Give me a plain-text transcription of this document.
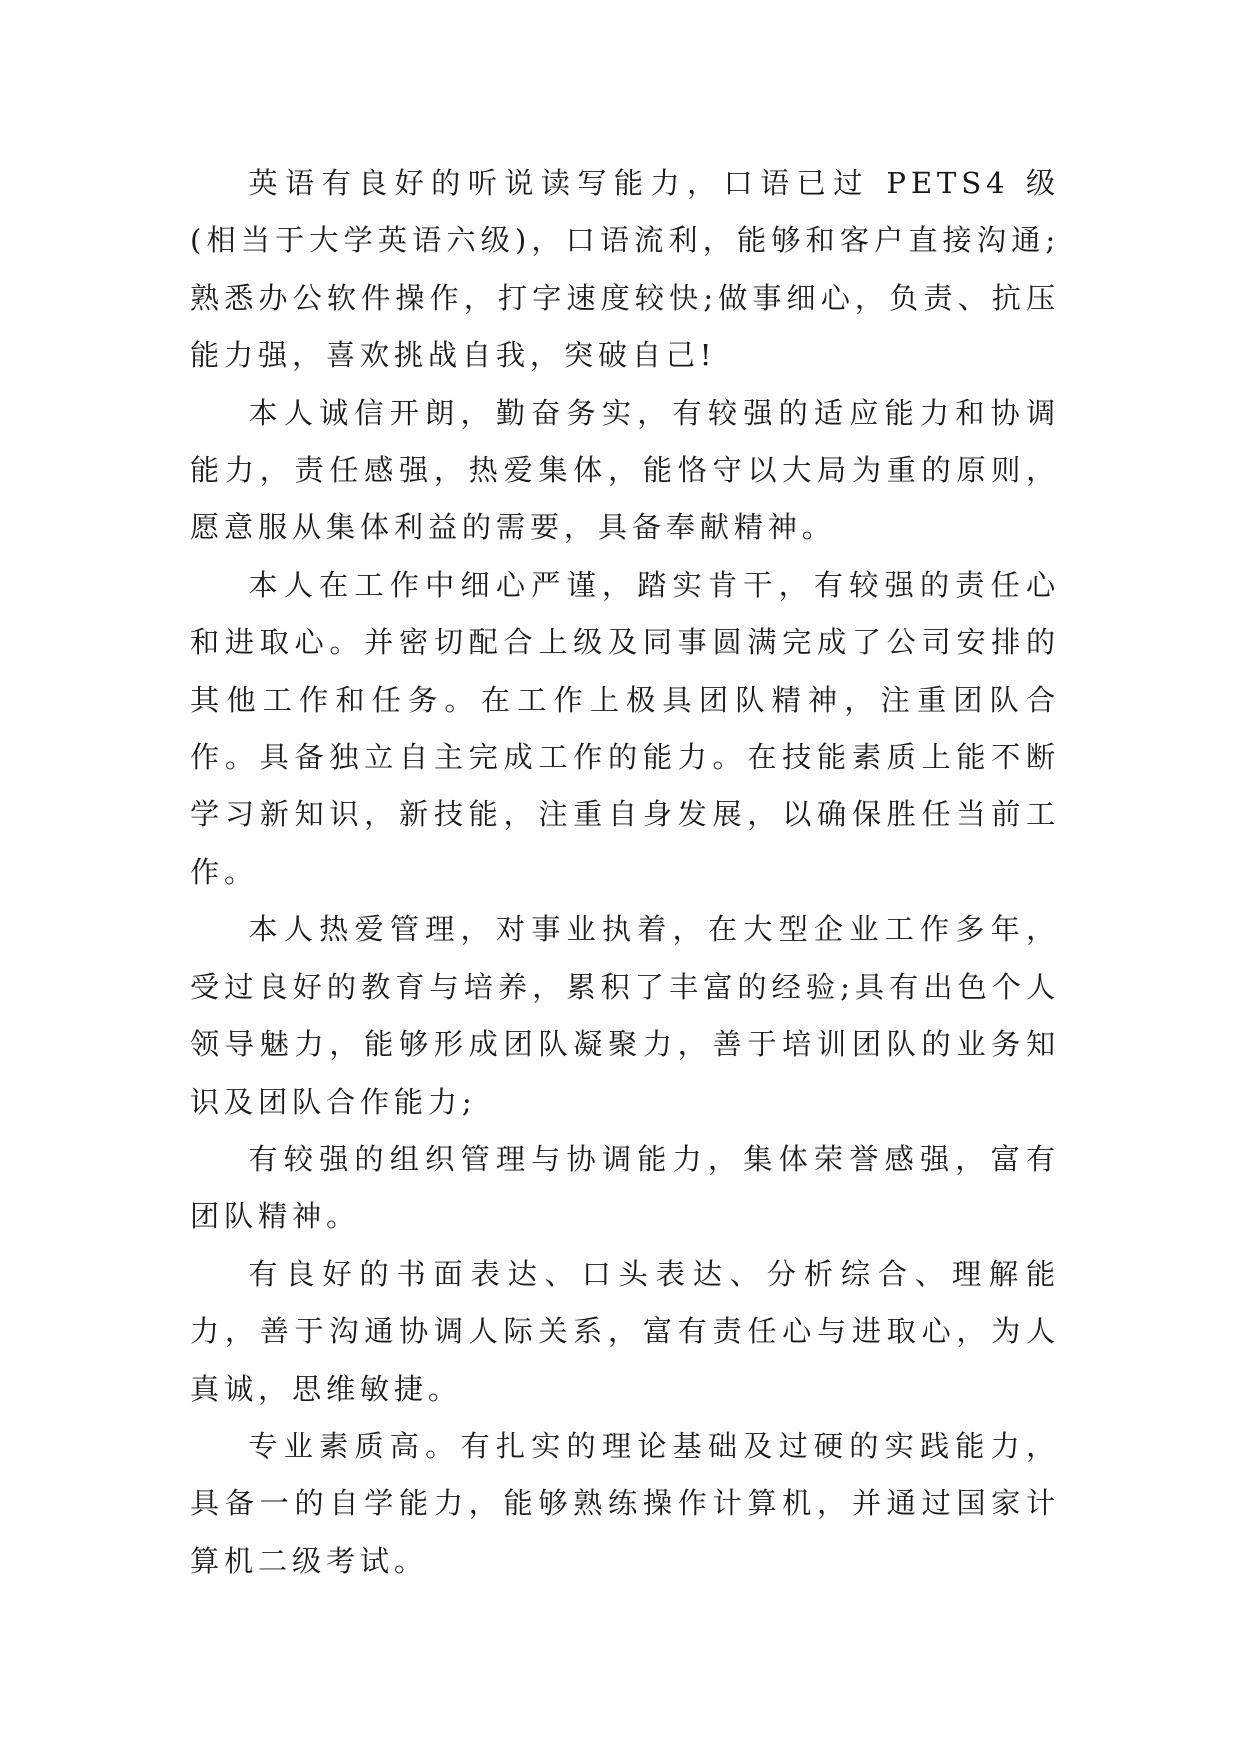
英语有良好的听说读写能力，口语已过 PETS4 级(相当于大学英语六级)，口语流利，能够和客户直接沟通;熟悉办公软件操作，打字速度较快;做事细心，负责、抗压能力强，喜欢挑战自我，突破自己!

本人诚信开朗，勤奋务实，有较强的适应能力和协调能力，责任感强，热爱集体，能恪守以大局为重的原则，愿意服从集体利益的需要，具备奉献精神。

本人在工作中细心严谨，踏实肯干，有较强的责任心和进取心。并密切配合上级及同事圆满完成了公司安排的其他工作和任务。在工作上极具团队精神，注重团队合作。具备独立自主完成工作的能力。在技能素质上能不断学习新知识，新技能，注重自身发展，以确保胜任当前工作。

本人热爱管理，对事业执着，在大型企业工作多年，受过良好的教育与培养，累积了丰富的经验;具有出色个人领导魅力，能够形成团队凝聚力，善于培训团队的业务知识及团队合作能力;

有较强的组织管理与协调能力，集体荣誉感强，富有团队精神。

有良好的书面表达、口头表达、分析综合、理解能力，善于沟通协调人际关系，富有责任心与进取心，为人真诚，思维敏捷。

专业素质高。有扎实的理论基础及过硬的实践能力，具备一的自学能力，能够熟练操作计算机，并通过国家计算机二级考试。
